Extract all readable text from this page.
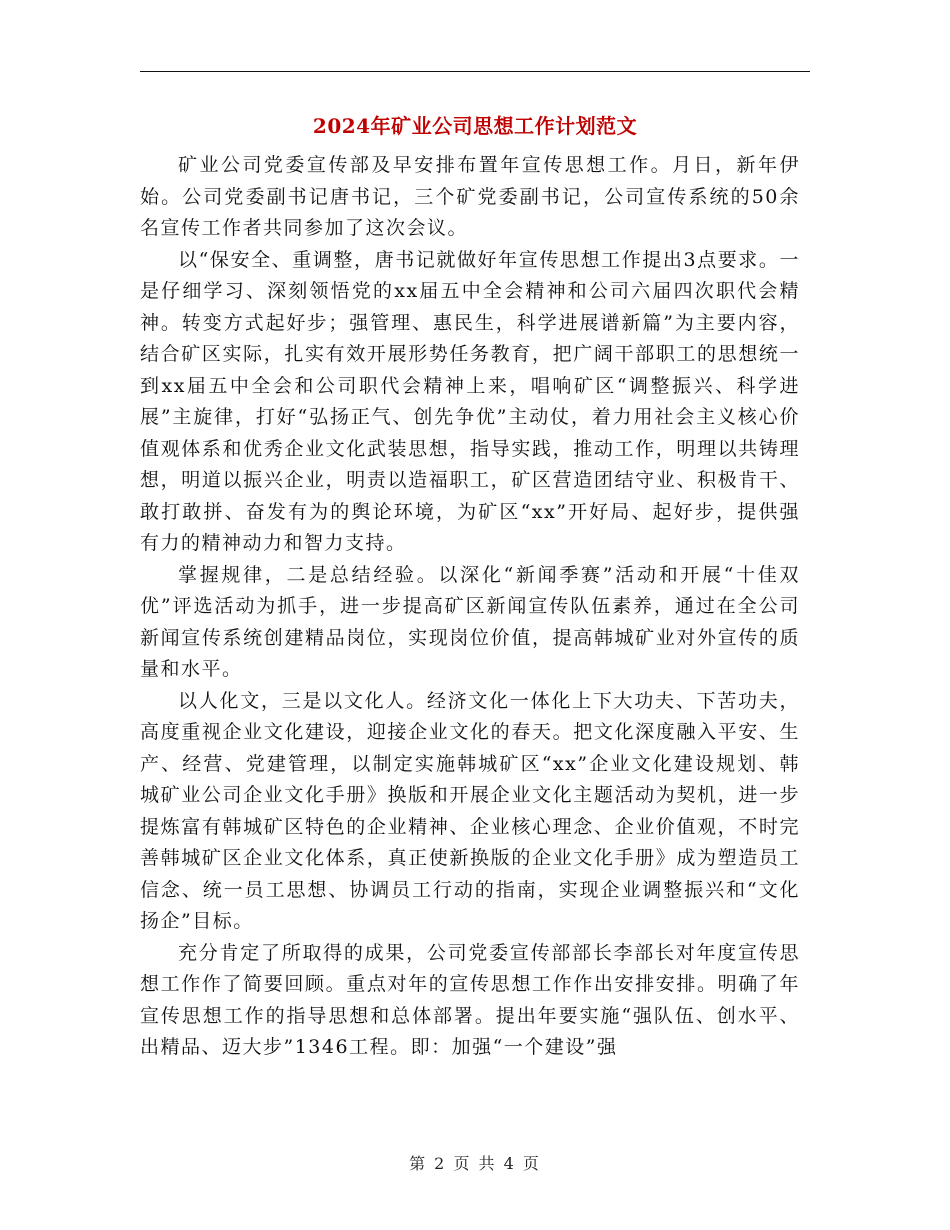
2024年矿业公司思想工作计划范文

矿业公司党委宣传部及早安排布置年宣传思想工作。月日，新年伊始。公司党委副书记唐书记，三个矿党委副书记，公司宣传系统的50余名宣传工作者共同参加了这次会议。

以“保安全、重调整，唐书记就做好年宣传思想工作提出3点要求。一是仔细学习、深刻领悟党的xx届五中全会精神和公司六届四次职代会精神。转变方式起好步；强管理、惠民生，科学进展谱新篇”为主要内容，结合矿区实际，扎实有效开展形势任务教育，把广阔干部职工的思想统一到xx届五中全会和公司职代会精神上来，唱响矿区“调整振兴、科学进展”主旋律，打好“弘扬正气、创先争优”主动仗，着力用社会主义核心价值观体系和优秀企业文化武装思想，指导实践，推动工作，明理以共铸理想，明道以振兴企业，明责以造福职工，矿区营造团结守业、积极肯干、敢打敢拼、奋发有为的舆论环境，为矿区“xx”开好局、起好步，提供强有力的精神动力和智力支持。

掌握规律，二是总结经验。以深化“新闻季赛”活动和开展“十佳双优”评选活动为抓手，进一步提高矿区新闻宣传队伍素养，通过在全公司新闻宣传系统创建精品岗位，实现岗位价值，提高韩城矿业对外宣传的质量和水平。

以人化文，三是以文化人。经济文化一体化上下大功夫、下苦功夫，高度重视企业文化建设，迎接企业文化的春天。把文化深度融入平安、生产、经营、党建管理，以制定实施韩城矿区“xx”企业文化建设规划、韩城矿业公司企业文化手册》换版和开展企业文化主题活动为契机，进一步提炼富有韩城矿区特色的企业精神、企业核心理念、企业价值观，不时完善韩城矿区企业文化体系，真正使新换版的企业文化手册》成为塑造员工信念、统一员工思想、协调员工行动的指南，实现企业调整振兴和“文化扬企”目标。

充分肯定了所取得的成果，公司党委宣传部部长李部长对年度宣传思想工作作了简要回顾。重点对年的宣传思想工作作出安排安排。明确了年宣传思想工作的指导思想和总体部署。提出年要实施“强队伍、创水平、出精品、迈大步”1346工程。即：加强“一个建设”强

第 2 页 共 4 页
